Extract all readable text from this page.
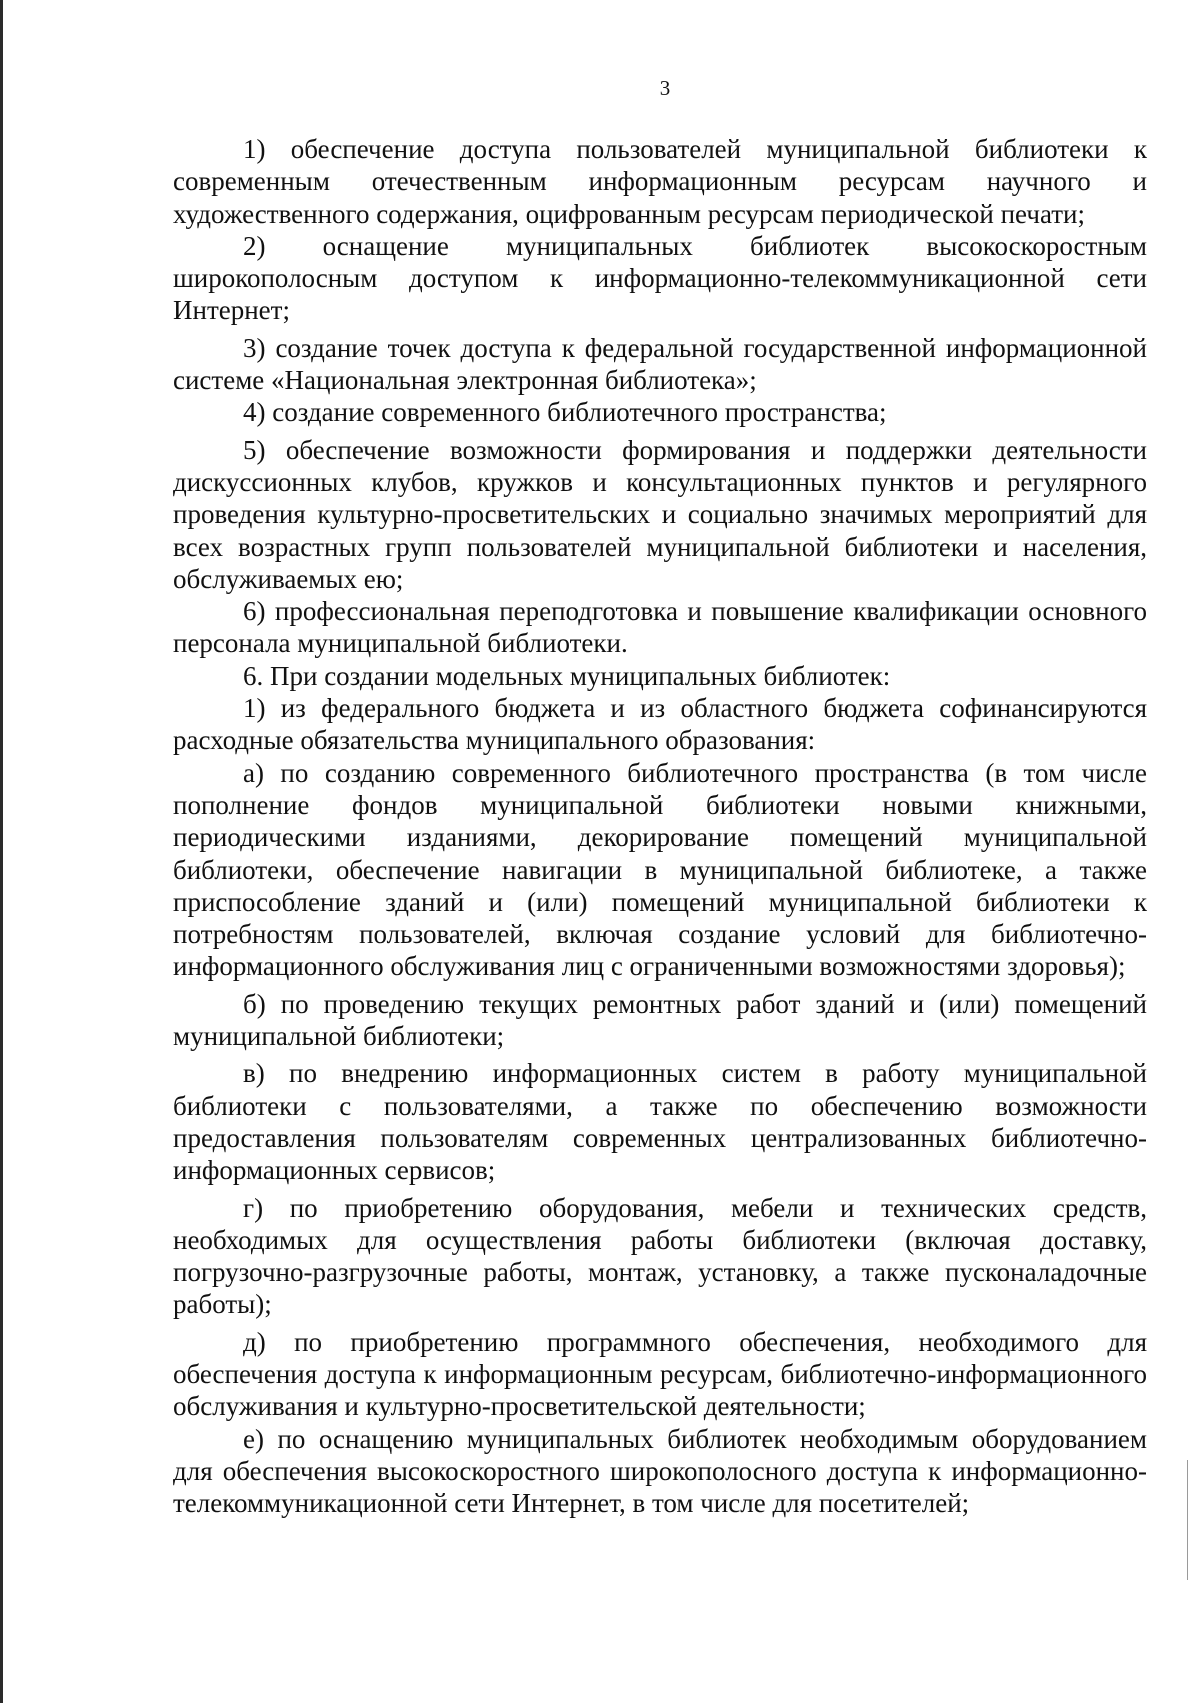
3

1) обеспечение доступа пользователей муниципальной библиотеки к современным отечественным информационным ресурсам научного и художественного содержания, оцифрованным ресурсам периодической печати;

2) оснащение муниципальных библиотек высокоскоростным широкополосным доступом к информационно-телекоммуникационной сети Интернет;

3) создание точек доступа к федеральной государственной информационной системе «Национальная электронная библиотека»;

4) создание современного библиотечного пространства;

5) обеспечение возможности формирования и поддержки деятельности дискуссионных клубов, кружков и консультационных пунктов и регулярного проведения культурно-просветительских и социально значимых мероприятий для всех возрастных групп пользователей муниципальной библиотеки и населения, обслуживаемых ею;

6) профессиональная переподготовка и повышение квалификации основного персонала муниципальной библиотеки.

6. При создании модельных муниципальных библиотек:

1) из федерального бюджета и из областного бюджета софинансируются расходные обязательства муниципального образования:

а) по созданию современного библиотечного пространства (в том числе пополнение фондов муниципальной библиотеки новыми книжными, периодическими изданиями, декорирование помещений муниципальной библиотеки, обеспечение навигации в муниципальной библиотеке, а также приспособление зданий и (или) помещений муниципальной библиотеки к потребностям пользователей, включая создание условий для библиотечно-информационного обслуживания лиц с ограниченными возможностями здоровья);

б) по проведению текущих ремонтных работ зданий и (или) помещений муниципальной библиотеки;

в) по внедрению информационных систем в работу муниципальной библиотеки с пользователями, а также по обеспечению возможности предоставления пользователям современных централизованных библиотечно-информационных сервисов;

г) по приобретению оборудования, мебели и технических средств, необходимых для осуществления работы библиотеки (включая доставку, погрузочно-разгрузочные работы, монтаж, установку, а также пусконаладочные работы);

д) по приобретению программного обеспечения, необходимого для обеспечения доступа к информационным ресурсам, библиотечно-информационного обслуживания и культурно-просветительской деятельности;

е) по оснащению муниципальных библиотек необходимым оборудованием для обеспечения высокоскоростного широкополосного доступа к информационно-телекоммуникационной сети Интернет, в том числе для посетителей;
